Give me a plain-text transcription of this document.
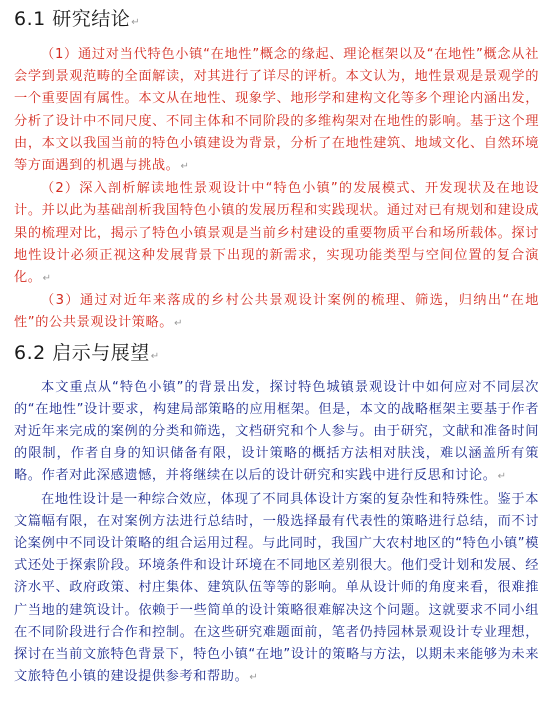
6.1 研究结论↵

（1）通过对当代特色小镇“在地性”概念的缘起、理论框架以及“在地性”概念从社会学到景观范畴的全面解读，对其进行了详尽的评析。本文认为，地性景观是景观学的一个重要固有属性。本文从在地性、现象学、地形学和建构文化等多个理论内涵出发，分析了设计中不同尺度、不同主体和不同阶段的多维构架对在地性的影响。基于这个理由，本文以我国当前的特色小镇建设为背景，分析了在地性建筑、地域文化、自然环境等方面遇到的机遇与挑战。↵

（2）深入剖析解读地性景观设计中“特色小镇”的发展模式、开发现状及在地设计。并以此为基础剖析我国特色小镇的发展历程和实践现状。通过对已有规划和建设成果的梳理对比，揭示了特色小镇景观是当前乡村建设的重要物质平台和场所载体。探讨地性设计必须正视这种发展背景下出现的新需求，实现功能类型与空间位置的复合演化。↵

（3）通过对近年来落成的乡村公共景观设计案例的梳理、筛选，归纳出“在地性”的公共景观设计策略。↵

6.2 启示与展望↵

本文重点从“特色小镇”的背景出发，探讨特色城镇景观设计中如何应对不同层次的“在地性”设计要求，构建局部策略的应用框架。但是，本文的战略框架主要基于作者对近年来完成的案例的分类和筛选，文档研究和个人参与。由于研究，文献和准备时间的限制，作者自身的知识储备有限，设计策略的概括方法相对肤浅，难以涵盖所有策略。作者对此深感遗憾，并将继续在以后的设计研究和实践中进行反思和讨论。↵

在地性设计是一种综合效应，体现了不同具体设计方案的复杂性和特殊性。鉴于本文篇幅有限，在对案例方法进行总结时，一般选择最有代表性的策略进行总结，而不讨论案例中不同设计策略的组合运用过程。与此同时，我国广大农村地区的“特色小镇”模式还处于探索阶段。环境条件和设计环境在不同地区差别很大。他们受计划和发展、经济水平、政府政策、村庄集体、建筑队伍等等的影响。单从设计师的角度来看，很难推广当地的建筑设计。依赖于一些简单的设计策略很难解决这个问题。这就要求不同小组在不同阶段进行合作和控制。在这些研究难题面前，笔者仍持园林景观设计专业理想，探讨在当前文旅特色背景下，特色小镇“在地”设计的策略与方法，以期未来能够为未来文旅特色小镇的建设提供参考和帮助。↵
